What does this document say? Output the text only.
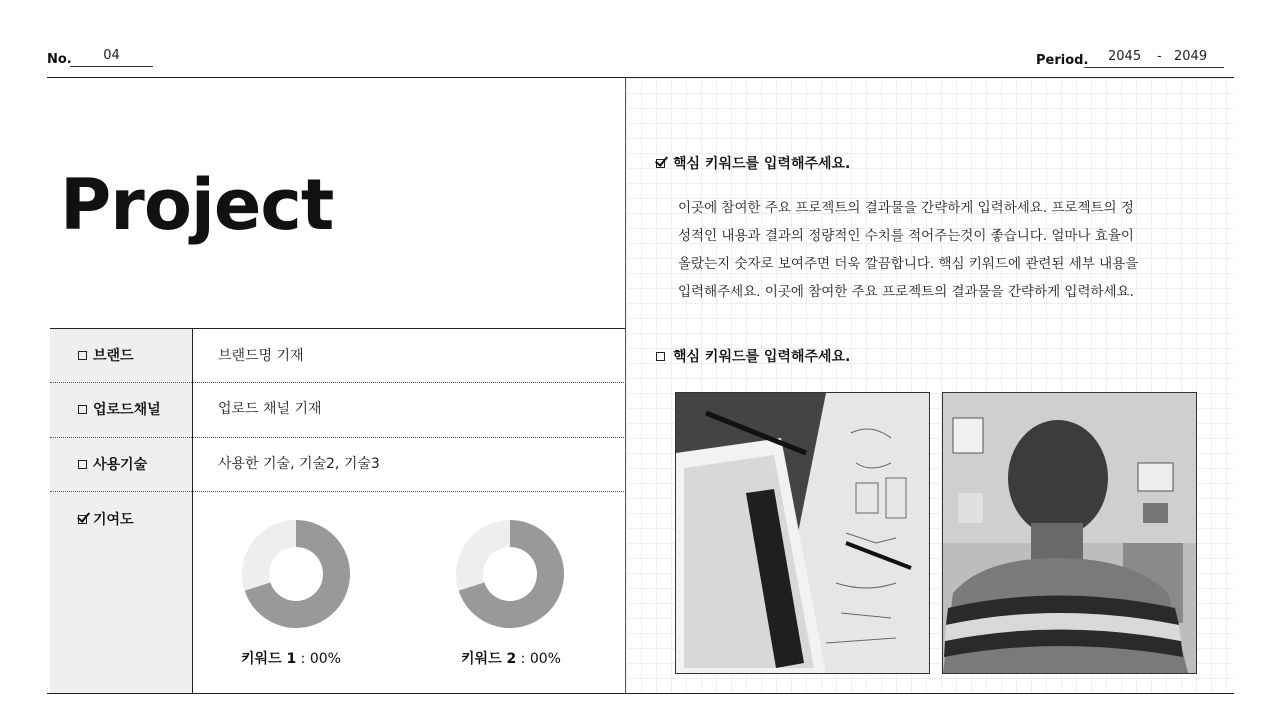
No.	04	Period. 2045 - 2049
Project
브랜드	브랜드명 기재
업로드채널	업로드 채널 기재
사용기술	사용한 기술, 기술2, 기술3
기여도
키워드 1 : 00%	키워드 2 : 00%
핵심 키워드를 입력해주세요.
이곳에 참여한 주요 프로젝트의 결과물을 간략하게 입력하세요. 프로젝트의 정
성적인 내용과 결과의 정량적인 수치를 적어주는것이 좋습니다. 얼마나 효율이
올랐는지 숫자로 보여주면 더욱 깔끔합니다. 핵심 키워드에 관련된 세부 내용을
입력해주세요. 이곳에 참여한 주요 프로젝트의 결과물을 간략하게 입력하세요.
핵심 키워드를 입력해주세요.
